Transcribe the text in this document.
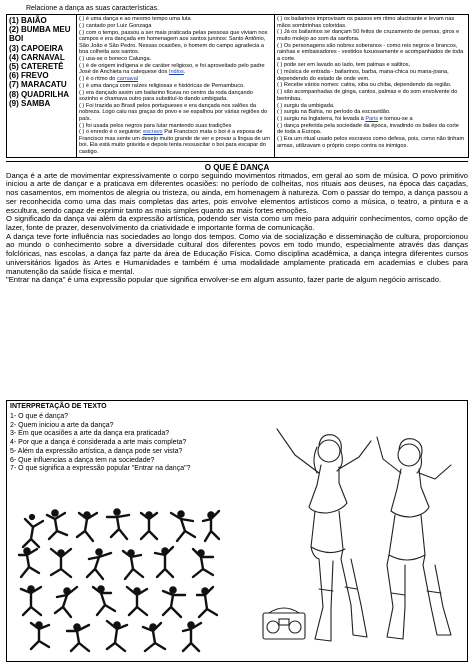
Relacione a dança as suas características.
(1) BAIÃO
(2) BUMBA MEU BOI
(3) CAPOEIRA
(4) CARNAVAL
(5) CATERETÊ
(6) FREVO
(7) MARACATU
(8) QUADRILHA
(9) SAMBA

( ) é uma dança e ao mesmo tempo uma luta
( ) cantado por Luiz Gonzaga
( ) com o tempo, passou a ser mais praticada pelas pessoas que viviam nos campos e era dançada em homenagem aos santos juninos: Santo Antônio, São João e São Pedro. Nessas ocasiões, o homem do campo agradecia a boa colheita aos santos.
( ) usa-se o boneco Calunga.
( ) é de origem indígena e de caráter religioso, e foi aproveitado pelo padre José de Anchieta na catequese dos índios.
( ) é o ritmo do carnaval
( ) é uma dança com raízes religiosas e históricas de Pernambuco.
( ) era dançado assim um bailarino ficava no centro da roda dançando sozinho e chamava outro para substituí-lo dando umbigada.
( ) Foi trazida ao Brasil pelos portugueses e era dançada nos salões da nobreza. Logo caiu nas graças do povo e se espalhou por várias regiões do país.
( ) foi usada pelos negros para lutar mantendo suas tradições
( ) o enredo é o seguinte: escravo Pai Francisco mata o boi é a esposa de Francisco mas sente um desejo muito grande de ver e provar a língua de um boi. Ela está muito grávida e depois tenta ressuscitar o boi para escapar do castigo.

( ) os bailarinos improvisam os passos em ritmo alucinante e levam nas mãos sombrinhas coloridas.
( ) Já os bailarinos se dançam 50 feitos de cruzamento de pernas, giros e muito molejo ao som da sanfona.
( ) Os personagens são nobres soberanos - como reis negros e brancos, rainhas e embaixadores - vestidos luxuosamente e acompanhados de toda a corte.
( ) pode ser em lavado ao lado, tem palmas e saltitos,
( ) música de entrada - bailarinos, barba, mana-chica ou mana-joana, dependendo do estado de onde vem.
( ) Recebe vários nomes: catira, xiba ou chiba, dependendo da região.
( ) são acompanhadas de ginga, cantos, palmas e do som envolvente do berimbau.
( ) surgiu da umbigada.
( ) surgiu na Bahia, no período da escravidão.
( ) surgiu na Inglaterra, foi levada à Paris e tornou-se a
( ) dança preferida pela sociedade da época, invadindo os bailes da corte de toda a Europa.
( ) Era um ritual usado pelos escravos como defesa, pois, como não tinham armas, utilizavam o próprio corpo contra os inimigos.
O QUE É DANÇA

Dança é a arte de movimentar expressivamente o corpo seguindo movimentos ritmados, em geral ao som de música. O povo primitivo iniciou a arte de dançar e a praticava em diferentes ocasiões: no período de colheitas, nos rituais aos deuses, na época das caçadas, nos casamentos, em momentos de alegria ou tristeza, ou ainda, em homenagem à natureza. Com o passar do tempo, a dança passou a ser reconhecida como uma das mais completas das artes, pois envolve elementos artísticos como a música, o teatro, a pintura e a escultura, sendo capaz de exprimir tanto as mais simples quanto as mais fortes emoções.

O significado da dança vai além da expressão artística, podendo ser vista como um meio para adquirir conhecimentos, como opção de lazer, fonte de prazer, desenvolvimento da criatividade e importante forma de comunicação.

A dança teve forte influência nas sociedades ao longo dos tempos. Como via de socialização e disseminação de cultura, proporcionou ao mundo o conhecimento sobre a diversidade cultural dos diferentes povos em todo mundo, especialmente através das danças folclóricas, nas escolas, a dança faz parte da área de Educação Física. Como disciplina acadêmica, a dança integra diferentes cursos universitários ligados às Artes e Humanidades e também é uma modalidade amplamente praticada em academias e clubes para manutenção da saúde física e mental.

"Entrar na dança" é uma expressão popular que significa envolver-se em algum assunto, fazer parte de algum negócio arriscado.

INTERPRETAÇÃO DE TEXTO
1- O que é dança?
2- Quem iniciou a arte da dança?
3- Em que ocasiões a arte da dança era praticada?
4- Por que a dança é considerada a arte mais completa?
5- Além da expressão artística, a dança pode ser vista?
6- Que influencias a dança tem na sociedade?
7- O que significa a expressão popular "Entrar na dança"?
